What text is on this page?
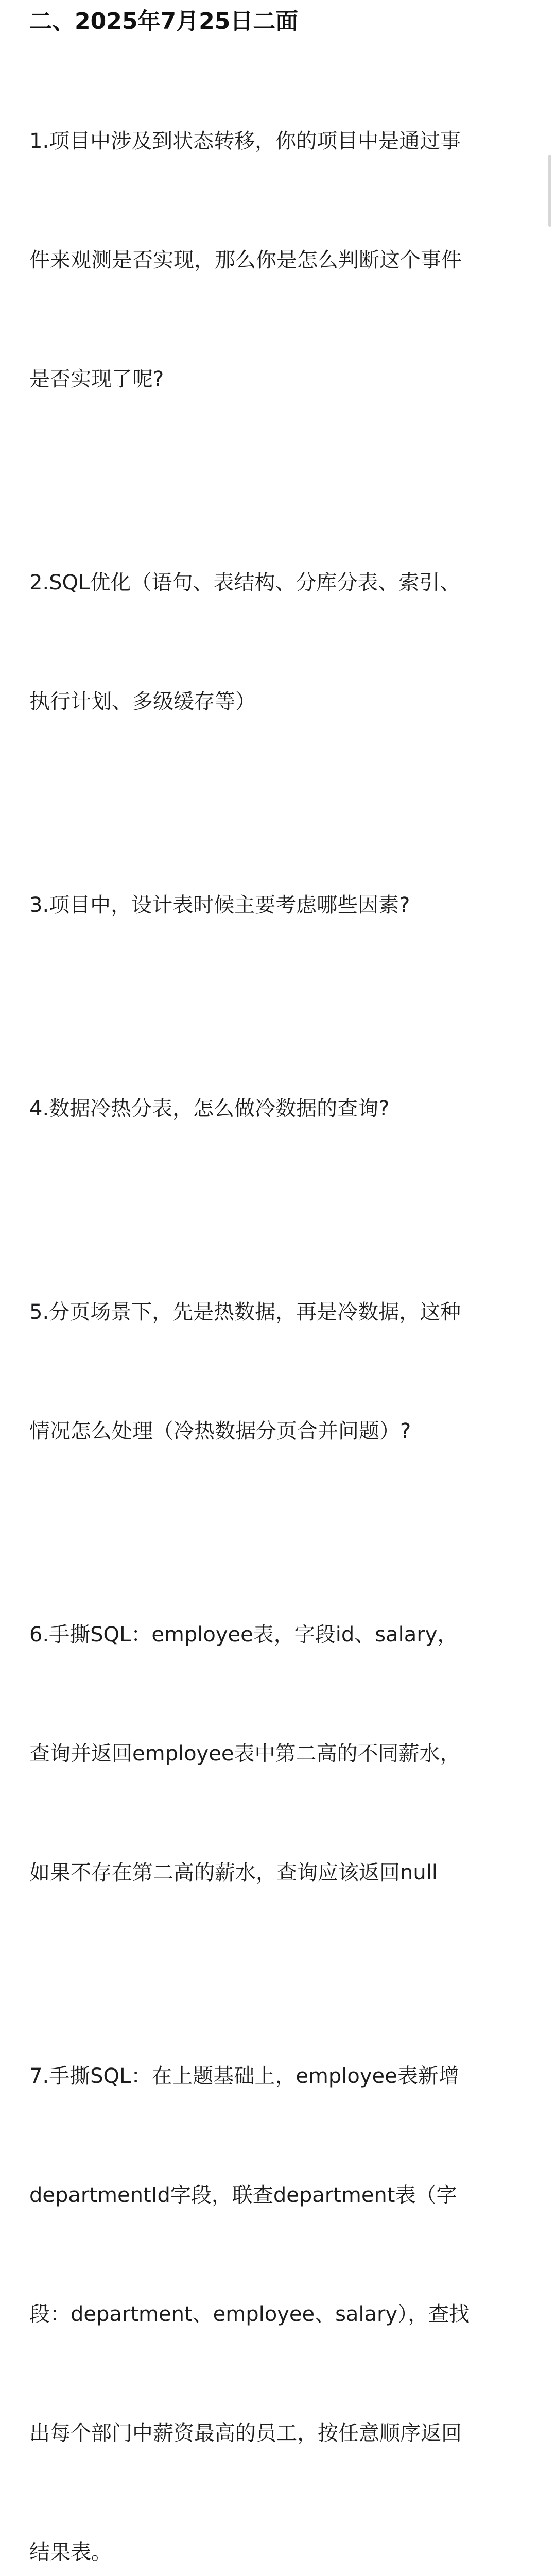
二、2025年7月25日二面

1.项目中涉及到状态转移，你的项目中是通过事

件来观测是否实现，那么你是怎么判断这个事件

是否实现了呢?

2.SQL优化（语句、表结构、分库分表、索引、

执行计划、多级缓存等）

3.项目中，设计表时候主要考虑哪些因素?

4.数据冷热分表，怎么做冷数据的查询?

5.分页场景下，先是热数据，再是冷数据，这种

情况怎么处理（冷热数据分页合并问题）?

6.手撕SQL：employee表，字段id、salary，

查询并返回employee表中第二高的不同薪水，

如果不存在第二高的薪水，查询应该返回null

7.手撕SQL：在上题基础上，employee表新增

departmentId字段，联查department表（字

段：department、employee、salary），查找

出每个部门中薪资最高的员工，按任意顺序返回

结果表。
